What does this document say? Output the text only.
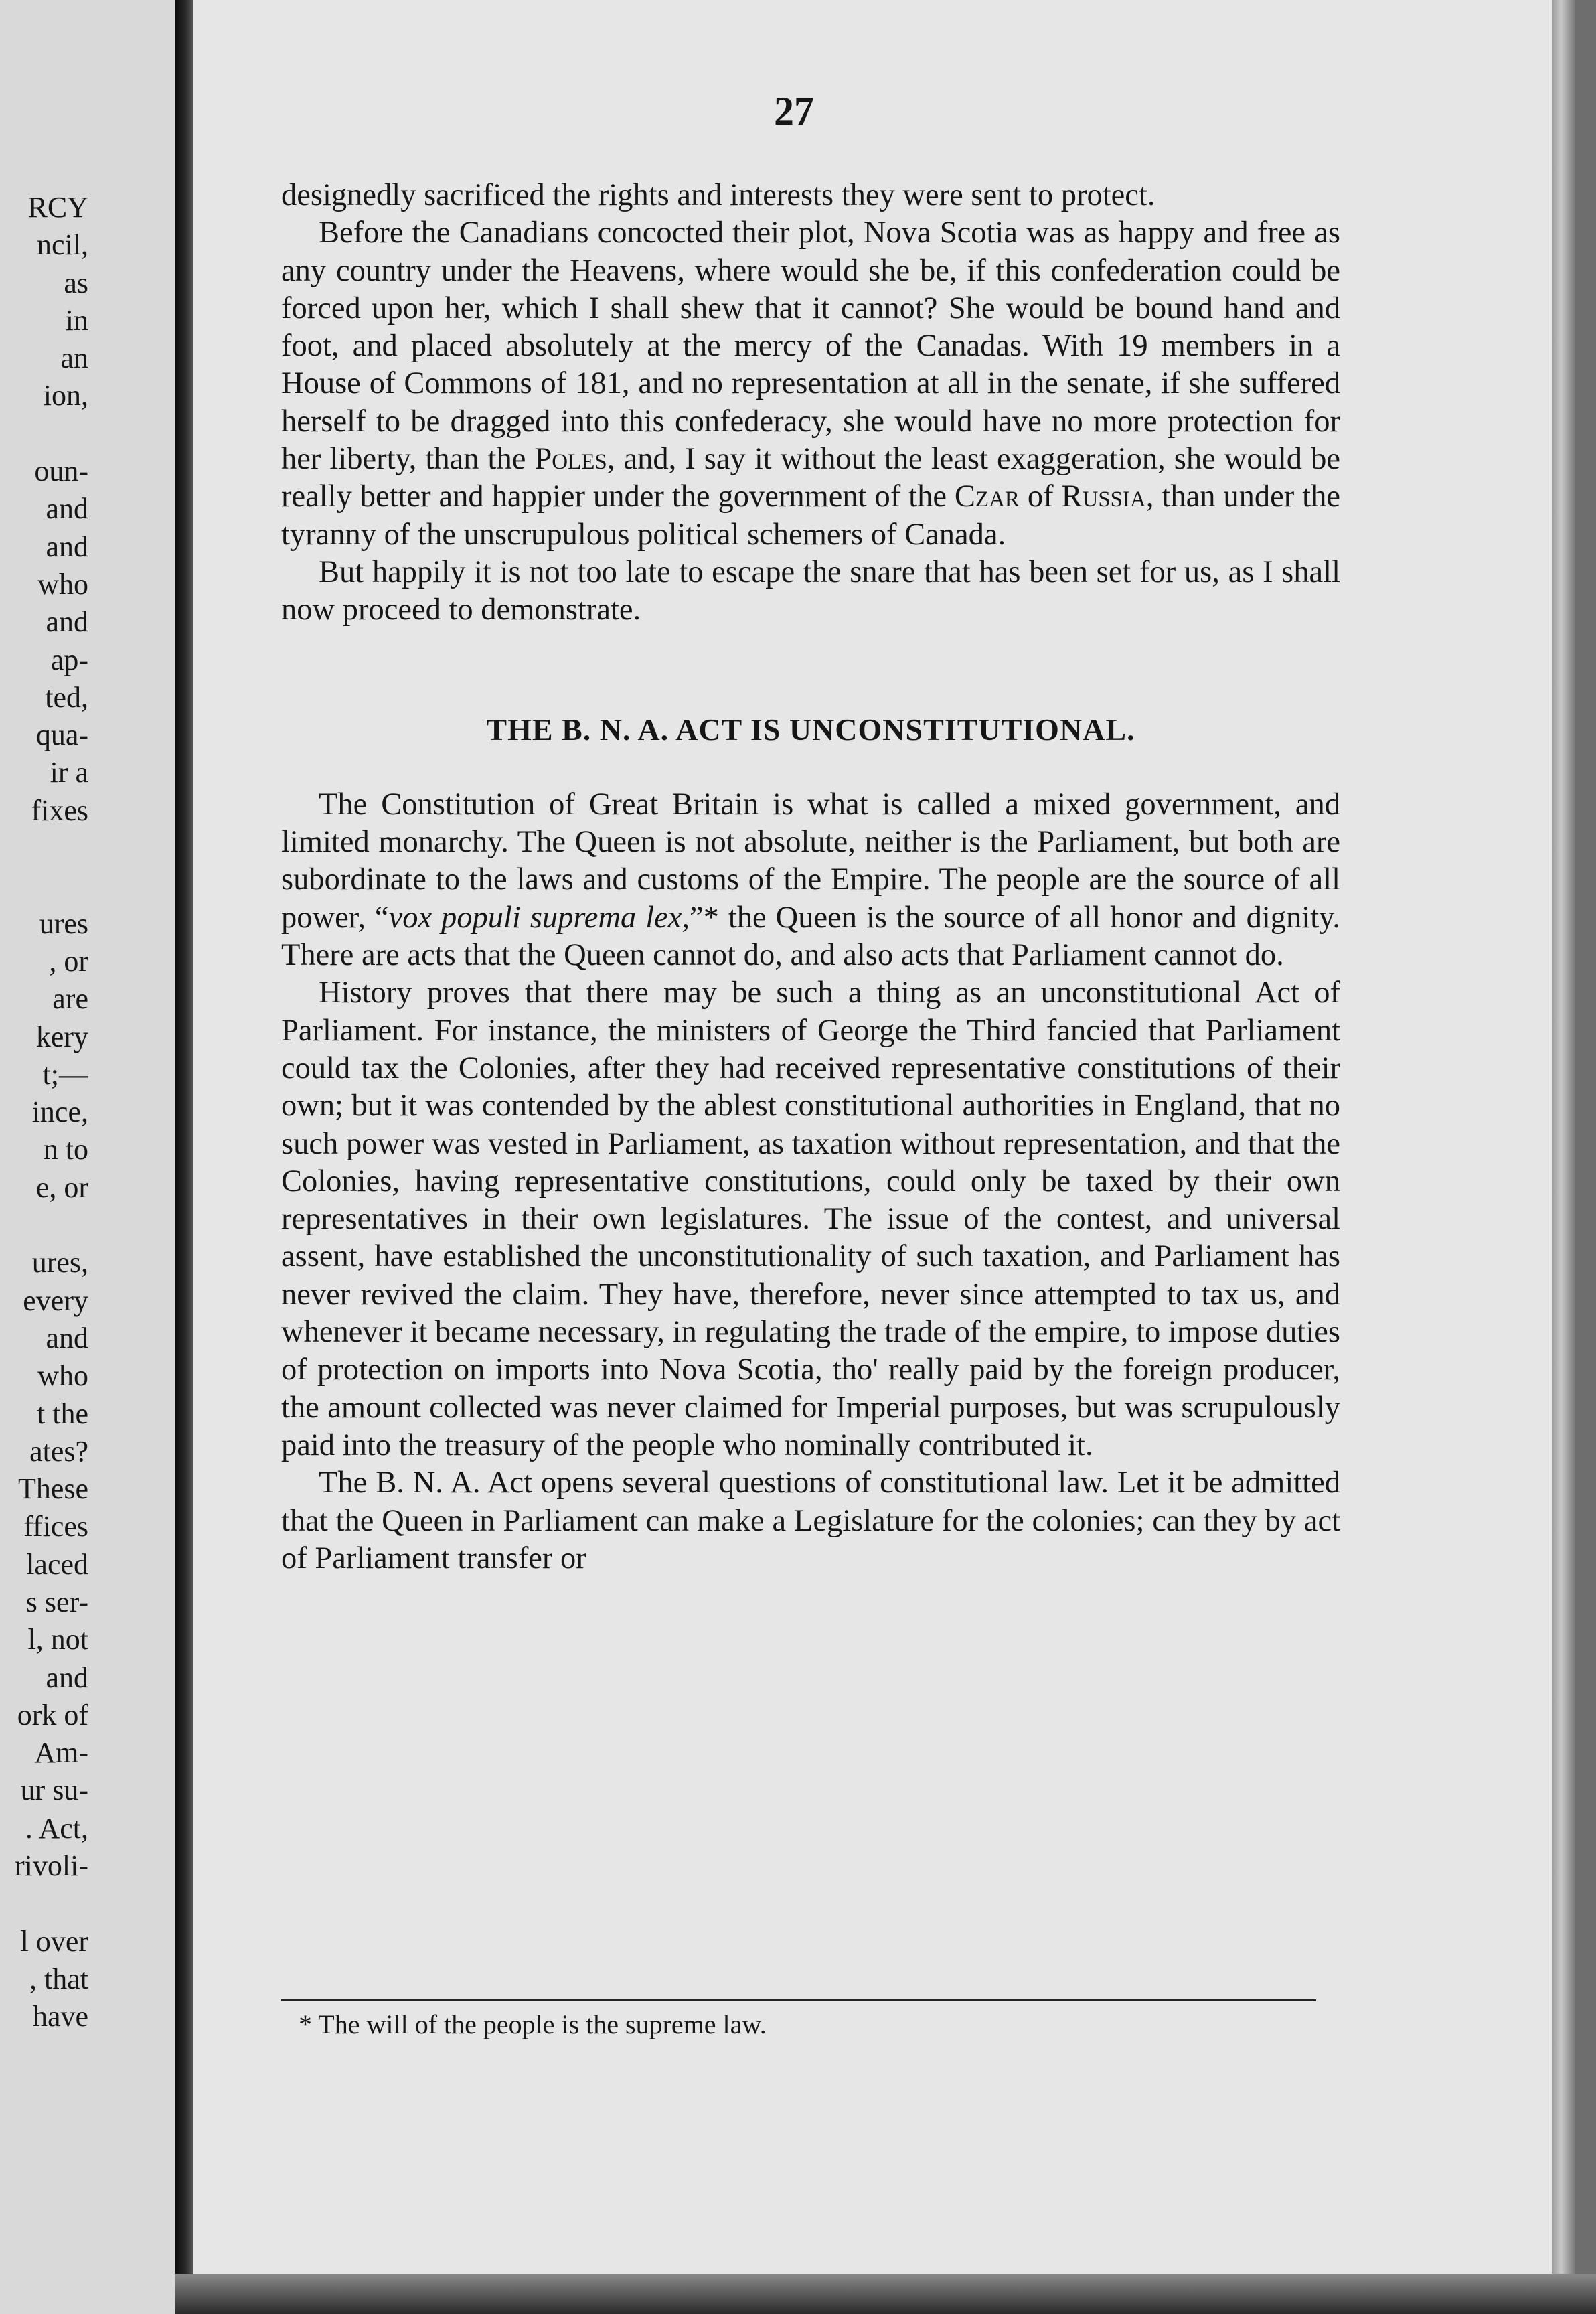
RCY
ncil,
as
in
an
ion,
oun-
and
and
who
and
ap-
ted,
qua-
ir a
fixes
ures
, or
are
kery
t;—
ince,
n to
e, or
ures,
every
and
who
t the
ates?
These
ffices
laced
s ser-
l, not
and
ork of
Am-
ur su-
. Act,
rivoli-
l over
, that
have
27

designedly sacrificed the rights and interests they were sent to protect.

Before the Canadians concocted their plot, Nova Scotia was as happy and free as any country under the Heavens, where would she be, if this confederation could be forced upon her, which I shall shew that it cannot? She would be bound hand and foot, and placed absolutely at the mercy of the Canadas. With 19 members in a House of Commons of 181, and no representation at all in the senate, if she suffered herself to be dragged into this confederacy, she would have no more protection for her liberty, than the Poles, and, I say it without the least exaggeration, she would be really better and happier under the government of the Czar of Russia, than under the tyranny of the unscrupulous political schemers of Canada.

But happily it is not too late to escape the snare that has been set for us, as I shall now proceed to demonstrate.

THE B. N. A. ACT IS UNCONSTITUTIONAL.

The Constitution of Great Britain is what is called a mixed government, and limited monarchy. The Queen is not absolute, neither is the Parliament, but both are subordinate to the laws and customs of the Empire. The people are the source of all power, “vox populi suprema lex,”* the Queen is the source of all honor and dignity. There are acts that the Queen cannot do, and also acts that Parliament cannot do.

History proves that there may be such a thing as an unconstitutional Act of Parliament. For instance, the ministers of George the Third fancied that Parliament could tax the Colonies, after they had received representative constitutions of their own; but it was contended by the ablest constitutional authorities in England, that no such power was vested in Parliament, as taxation without representation, and that the Colonies, having representative constitutions, could only be taxed by their own representatives in their own legislatures. The issue of the contest, and universal assent, have established the unconstitutionality of such taxation, and Parliament has never revived the claim. They have, therefore, never since attempted to tax us, and whenever it became necessary, in regulating the trade of the empire, to impose duties of protection on imports into Nova Scotia, tho' really paid by the foreign producer, the amount collected was never claimed for Imperial purposes, but was scrupulously paid into the treasury of the people who nominally contributed it.

The B. N. A. Act opens several questions of constitutional law. Let it be admitted that the Queen in Parliament can make a Legislature for the colonies; can they by act of Parliament transfer or

* The will of the people is the supreme law.
